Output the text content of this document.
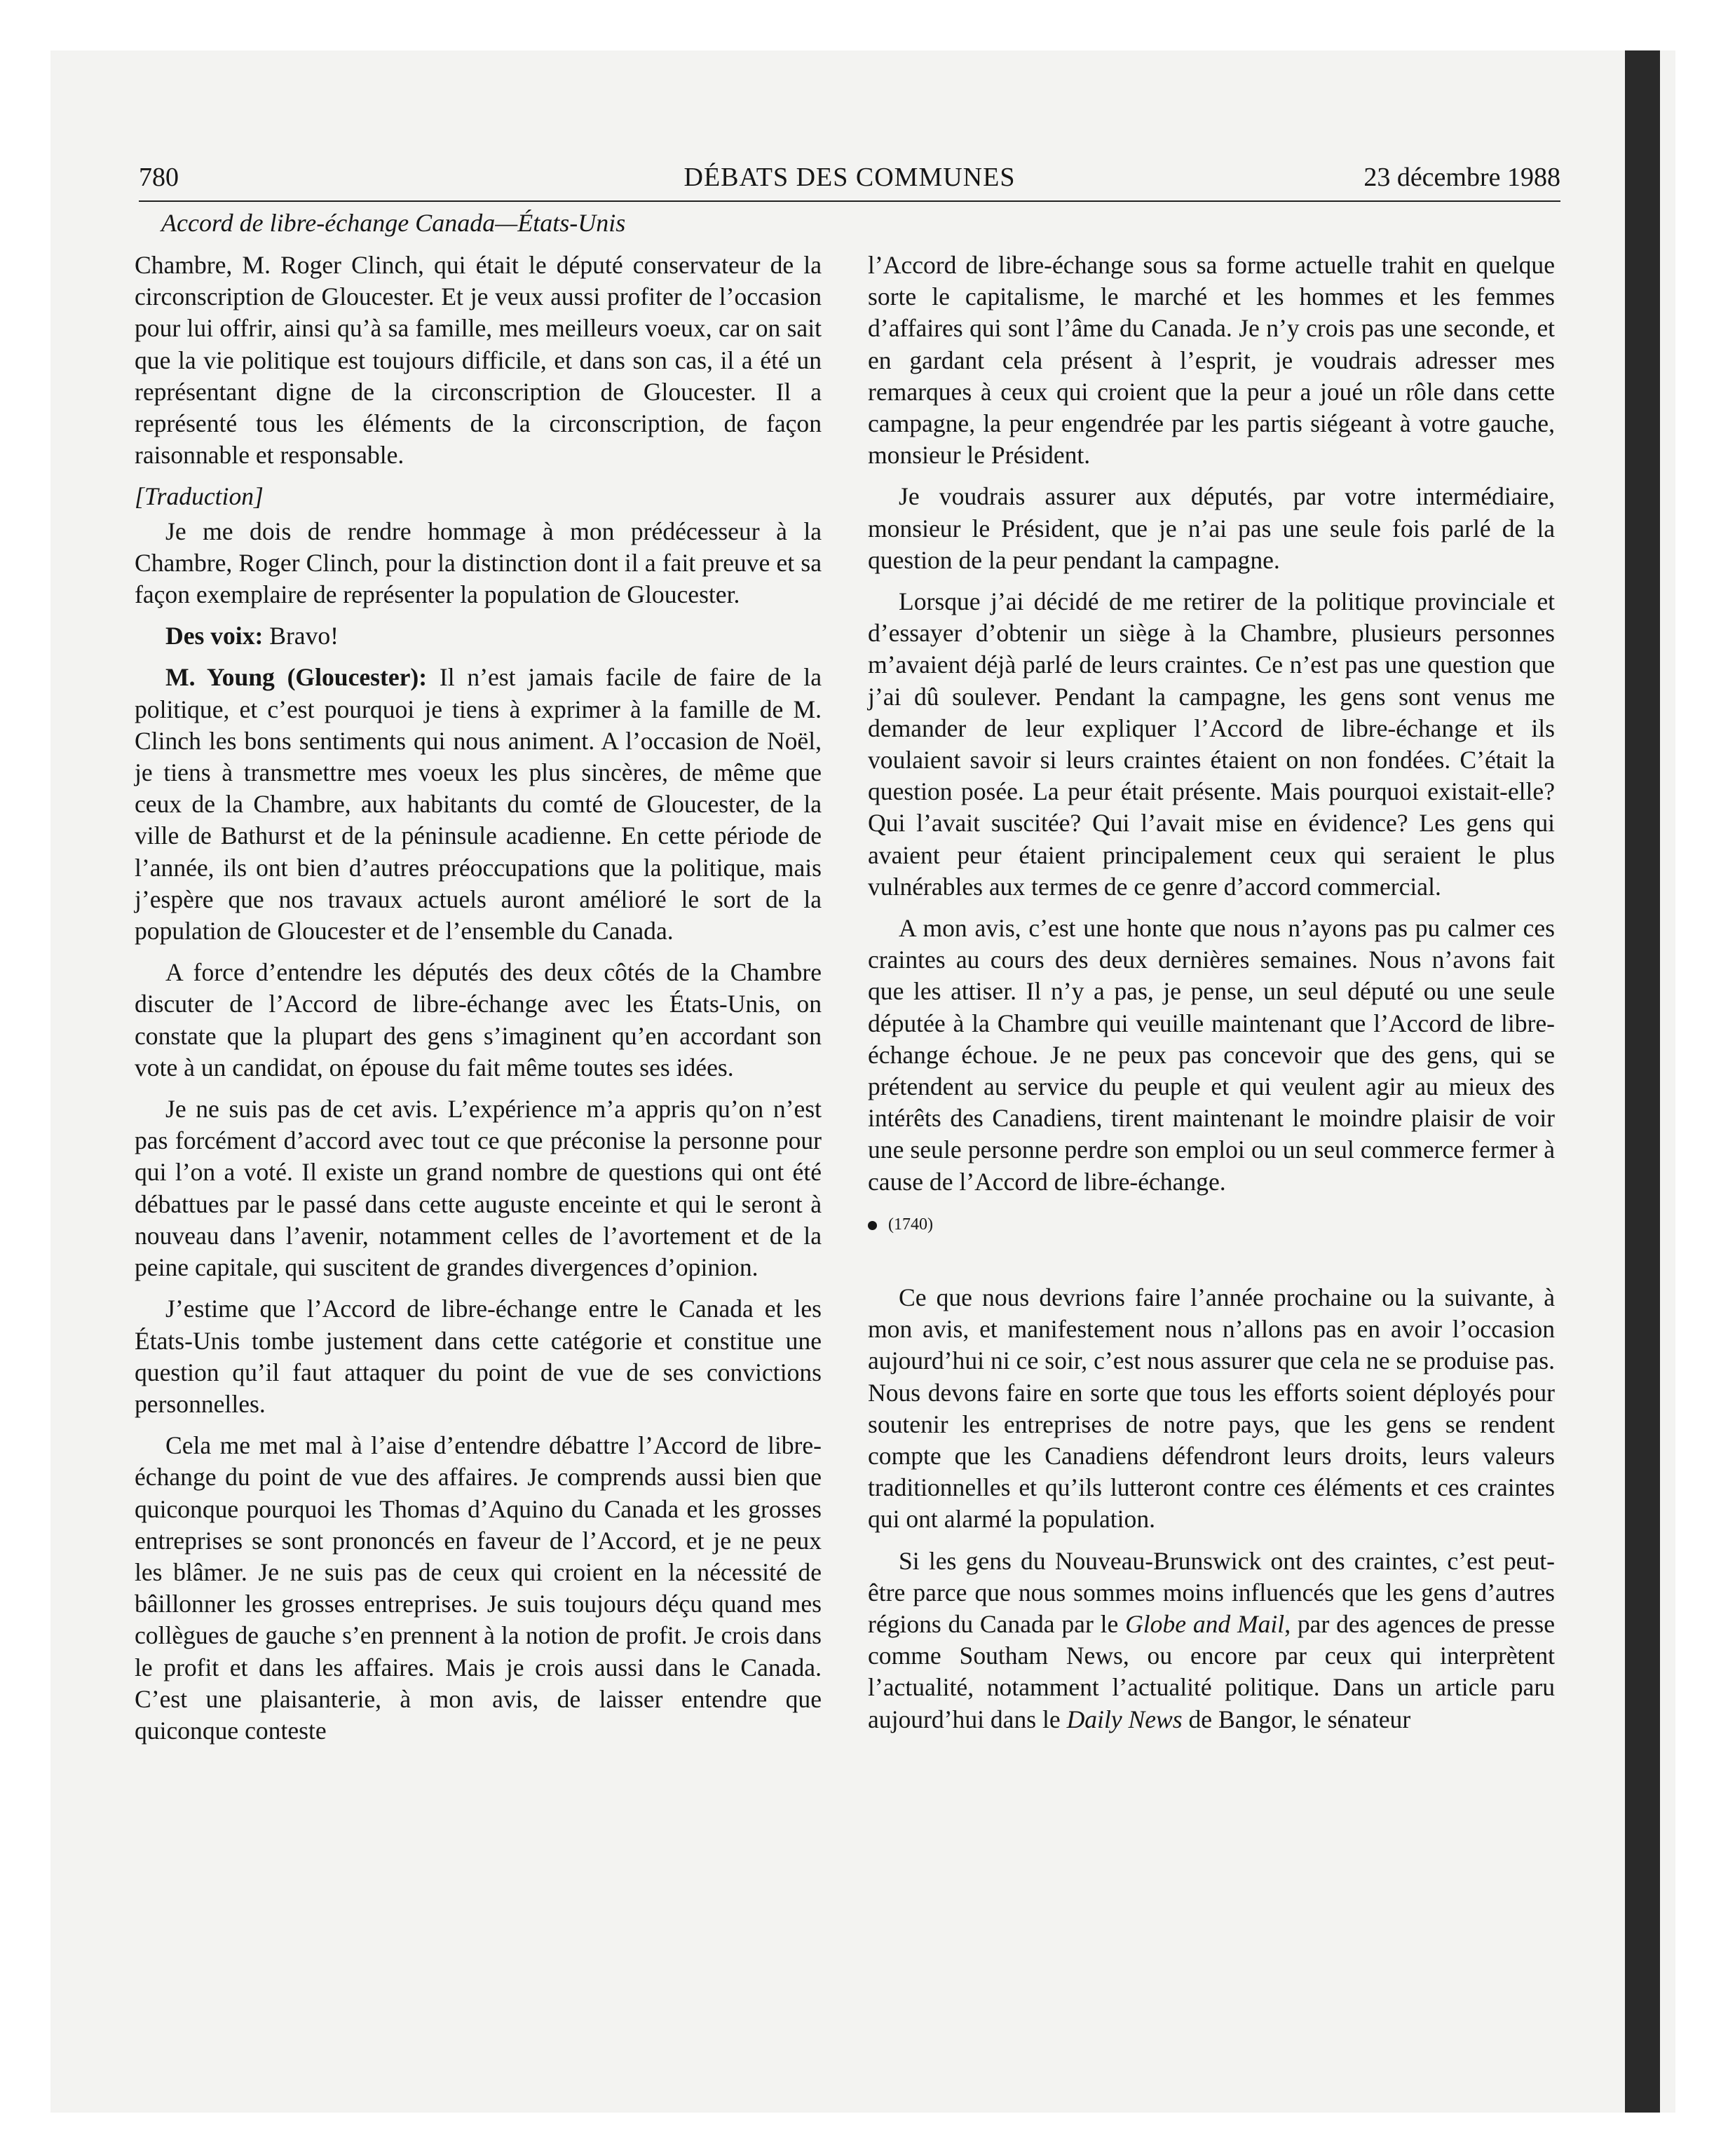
780	DÉBATS DES COMMUNES	23 décembre 1988
Accord de libre-échange Canada—États-Unis

Chambre, M. Roger Clinch, qui était le député conservateur de la circonscription de Gloucester. Et je veux aussi profiter de l’occasion pour lui offrir, ainsi qu’à sa famille, mes meilleurs voeux, car on sait que la vie politique est toujours difficile, et dans son cas, il a été un représentant digne de la circonscription de Gloucester. Il a représenté tous les éléments de la circonscription, de façon raisonnable et responsable.

[Traduction]

Je me dois de rendre hommage à mon prédécesseur à la Chambre, Roger Clinch, pour la distinction dont il a fait preuve et sa façon exemplaire de représenter la population de Gloucester.

Des voix: Bravo!

M. Young (Gloucester): Il n’est jamais facile de faire de la politique, et c’est pourquoi je tiens à exprimer à la famille de M. Clinch les bons sentiments qui nous animent. A l’occasion de Noël, je tiens à transmettre mes voeux les plus sincères, de même que ceux de la Chambre, aux habitants du comté de Gloucester, de la ville de Bathurst et de la péninsule acadienne. En cette période de l’année, ils ont bien d’autres préoccupations que la politique, mais j’espère que nos travaux actuels auront amélioré le sort de la population de Gloucester et de l’ensemble du Canada.

A force d’entendre les députés des deux côtés de la Chambre discuter de l’Accord de libre-échange avec les États-Unis, on constate que la plupart des gens s’imaginent qu’en accordant son vote à un candidat, on épouse du fait même toutes ses idées.

Je ne suis pas de cet avis. L’expérience m’a appris qu’on n’est pas forcément d’accord avec tout ce que préconise la personne pour qui l’on a voté. Il existe un grand nombre de questions qui ont été débattues par le passé dans cette auguste enceinte et qui le seront à nouveau dans l’avenir, notamment celles de l’avortement et de la peine capitale, qui suscitent de grandes divergences d’opinion.

J’estime que l’Accord de libre-échange entre le Canada et les États-Unis tombe justement dans cette catégorie et constitue une question qu’il faut attaquer du point de vue de ses convictions personnelles.

Cela me met mal à l’aise d’entendre débattre l’Accord de libre-échange du point de vue des affaires. Je comprends aussi bien que quiconque pourquoi les Thomas d’Aquino du Canada et les grosses entreprises se sont prononcés en faveur de l’Accord, et je ne peux les blâmer. Je ne suis pas de ceux qui croient en la nécessité de bâillonner les grosses entreprises. Je suis toujours déçu quand mes collègues de gauche s’en prennent à la notion de profit. Je crois dans le profit et dans les affaires. Mais je crois aussi dans le Canada. C’est une plaisanterie, à mon avis, de laisser entendre que quiconque conteste

l’Accord de libre-échange sous sa forme actuelle trahit en quelque sorte le capitalisme, le marché et les hommes et les femmes d’affaires qui sont l’âme du Canada. Je n’y crois pas une seconde, et en gardant cela présent à l’esprit, je voudrais adresser mes remarques à ceux qui croient que la peur a joué un rôle dans cette campagne, la peur engendrée par les partis siégeant à votre gauche, monsieur le Président.

Je voudrais assurer aux députés, par votre intermédiaire, monsieur le Président, que je n’ai pas une seule fois parlé de la question de la peur pendant la campagne.

Lorsque j’ai décidé de me retirer de la politique provinciale et d’essayer d’obtenir un siège à la Chambre, plusieurs personnes m’avaient déjà parlé de leurs craintes. Ce n’est pas une question que j’ai dû soulever. Pendant la campagne, les gens sont venus me demander de leur expliquer l’Accord de libre-échange et ils voulaient savoir si leurs craintes étaient on non fondées. C’était la question posée. La peur était présente. Mais pourquoi existait-elle? Qui l’avait suscitée? Qui l’avait mise en évidence? Les gens qui avaient peur étaient principalement ceux qui seraient le plus vulnérables aux termes de ce genre d’accord commercial.

A mon avis, c’est une honte que nous n’ayons pas pu calmer ces craintes au cours des deux dernières semaines. Nous n’avons fait que les attiser. Il n’y a pas, je pense, un seul député ou une seule députée à la Chambre qui veuille maintenant que l’Accord de libre-échange échoue. Je ne peux pas concevoir que des gens, qui se prétendent au service du peuple et qui veulent agir au mieux des intérêts des Canadiens, tirent maintenant le moindre plaisir de voir une seule personne perdre son emploi ou un seul commerce fermer à cause de l’Accord de libre-échange.

(1740)

Ce que nous devrions faire l’année prochaine ou la suivante, à mon avis, et manifestement nous n’allons pas en avoir l’occasion aujourd’hui ni ce soir, c’est nous assurer que cela ne se produise pas. Nous devons faire en sorte que tous les efforts soient déployés pour soutenir les entreprises de notre pays, que les gens se rendent compte que les Canadiens défendront leurs droits, leurs valeurs traditionnelles et qu’ils lutteront contre ces éléments et ces craintes qui ont alarmé la population.

Si les gens du Nouveau-Brunswick ont des craintes, c’est peut-être parce que nous sommes moins influencés que les gens d’autres régions du Canada par le Globe and Mail, par des agences de presse comme Southam News, ou encore par ceux qui interprètent l’actualité, notamment l’actualité politique. Dans un article paru aujourd’hui dans le Daily News de Bangor, le sénateur
